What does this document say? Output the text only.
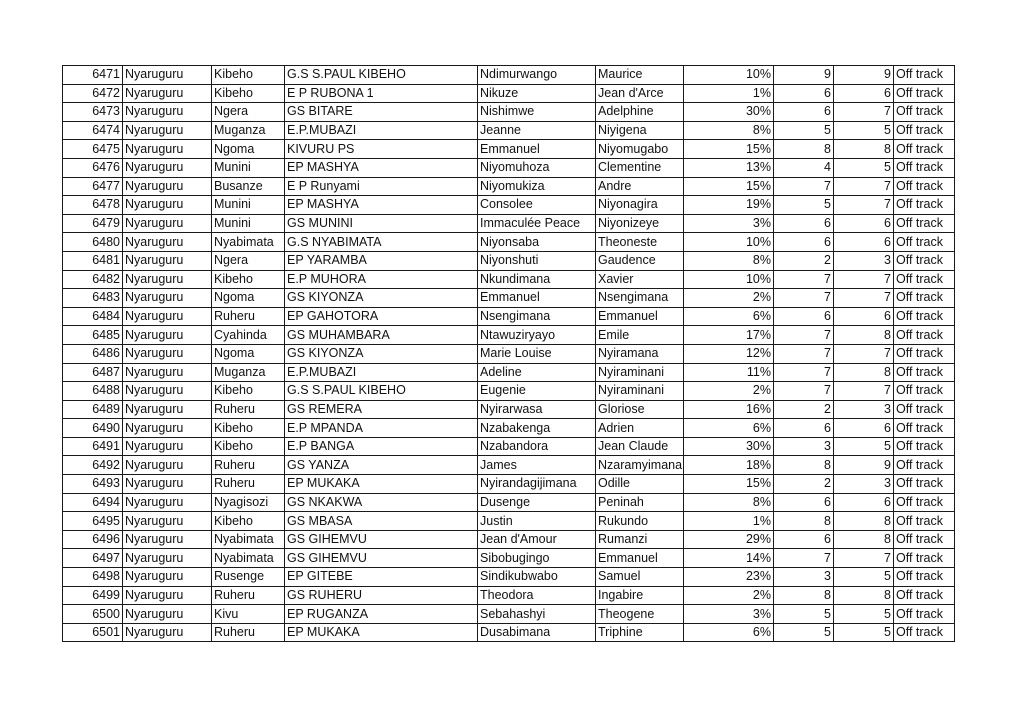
6471	Nyaruguru	Kibeho	G.S S.PAUL KIBEHO	Ndimurwango	Maurice	10%	9	9	Off track
6472	Nyaruguru	Kibeho	E P RUBONA 1	Nikuze	Jean d'Arce	1%	6	6	Off track
6473	Nyaruguru	Ngera	GS BITARE	Nishimwe	Adelphine	30%	6	7	Off track
6474	Nyaruguru	Muganza	E.P.MUBAZI	Jeanne	Niyigena	8%	5	5	Off track
6475	Nyaruguru	Ngoma	KIVURU PS	Emmanuel	Niyomugabo	15%	8	8	Off track
6476	Nyaruguru	Munini	EP MASHYA	Niyomuhoza	Clementine	13%	4	5	Off track
6477	Nyaruguru	Busanze	E P Runyami	Niyomukiza	Andre	15%	7	7	Off track
6478	Nyaruguru	Munini	EP MASHYA	Consolee	Niyonagira	19%	5	7	Off track
6479	Nyaruguru	Munini	GS MUNINI	Immaculée Peace	Niyonizeye	3%	6	6	Off track
6480	Nyaruguru	Nyabimata	G.S NYABIMATA	Niyonsaba	Theoneste	10%	6	6	Off track
6481	Nyaruguru	Ngera	EP YARAMBA	Niyonshuti	Gaudence	8%	2	3	Off track
6482	Nyaruguru	Kibeho	E.P MUHORA	Nkundimana	Xavier	10%	7	7	Off track
6483	Nyaruguru	Ngoma	GS KIYONZA	Emmanuel	Nsengimana	2%	7	7	Off track
6484	Nyaruguru	Ruheru	EP GAHOTORA	Nsengimana	Emmanuel	6%	6	6	Off track
6485	Nyaruguru	Cyahinda	GS MUHAMBARA	Ntawuziryayo	Emile	17%	7	8	Off track
6486	Nyaruguru	Ngoma	GS KIYONZA	Marie Louise	Nyiramana	12%	7	7	Off track
6487	Nyaruguru	Muganza	E.P.MUBAZI	Adeline	Nyiraminani	11%	7	8	Off track
6488	Nyaruguru	Kibeho	G.S S.PAUL KIBEHO	Eugenie	Nyiraminani	2%	7	7	Off track
6489	Nyaruguru	Ruheru	GS REMERA	Nyirarwasa	Gloriose	16%	2	3	Off track
6490	Nyaruguru	Kibeho	E.P MPANDA	Nzabakenga	Adrien	6%	6	6	Off track
6491	Nyaruguru	Kibeho	E.P BANGA	Nzabandora	Jean Claude	30%	3	5	Off track
6492	Nyaruguru	Ruheru	GS YANZA	James	Nzaramyimana	18%	8	9	Off track
6493	Nyaruguru	Ruheru	EP MUKAKA	Nyirandagijimana	Odille	15%	2	3	Off track
6494	Nyaruguru	Nyagisozi	GS NKAKWA	Dusenge	Peninah	8%	6	6	Off track
6495	Nyaruguru	Kibeho	GS MBASA	Justin	Rukundo	1%	8	8	Off track
6496	Nyaruguru	Nyabimata	GS GIHEMVU	Jean d'Amour	Rumanzi	29%	6	8	Off track
6497	Nyaruguru	Nyabimata	GS GIHEMVU	Sibobugingo	Emmanuel	14%	7	7	Off track
6498	Nyaruguru	Rusenge	EP GITEBE	Sindikubwabo	Samuel	23%	3	5	Off track
6499	Nyaruguru	Ruheru	GS RUHERU	Theodora	Ingabire	2%	8	8	Off track
6500	Nyaruguru	Kivu	EP RUGANZA	Sebahashyi	Theogene	3%	5	5	Off track
6501	Nyaruguru	Ruheru	EP MUKAKA	Dusabimana	Triphine	6%	5	5	Off track
